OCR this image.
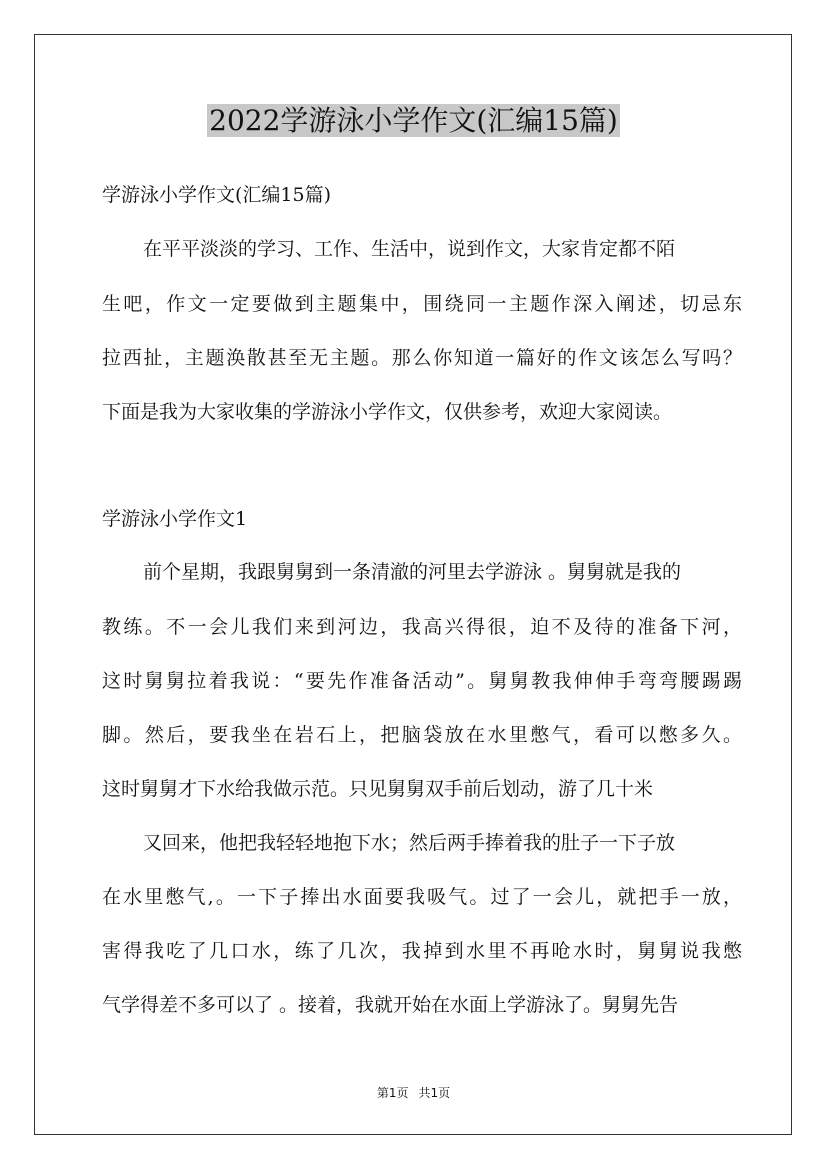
2022学游泳小学作文(汇编15篇)
学游泳小学作文(汇编15篇)
在平平淡淡的学习、工作、生活中，说到作文，大家肯定都不陌
生吧，作文一定要做到主题集中，围绕同一主题作深入阐述，切忌东
拉西扯，主题涣散甚至无主题。那么你知道一篇好的作文该怎么写吗？
下面是我为大家收集的学游泳小学作文，仅供参考，欢迎大家阅读。
学游泳小学作文1
前个星期，我跟舅舅到一条清澈的河里去学游泳 。舅舅就是我的
教练。不一会儿我们来到河边，我高兴得很，迫不及待的准备下河，
这时舅舅拉着我说：“要先作准备活动”。舅舅教我伸伸手弯弯腰踢踢
脚。然后，要我坐在岩石上，把脑袋放在水里憋气，看可以憋多久。
这时舅舅才下水给我做示范。只见舅舅双手前后划动，游了几十米
又回来，他把我轻轻地抱下水；然后两手捧着我的肚子一下子放
在水里憋气,。一下子捧出水面要我吸气。过了一会儿，就把手一放，
害得我吃了几口水，练了几次，我掉到水里不再呛水时，舅舅说我憋
气学得差不多可以了 。接着，我就开始在水面上学游泳了。舅舅先告
第1页 共1页
